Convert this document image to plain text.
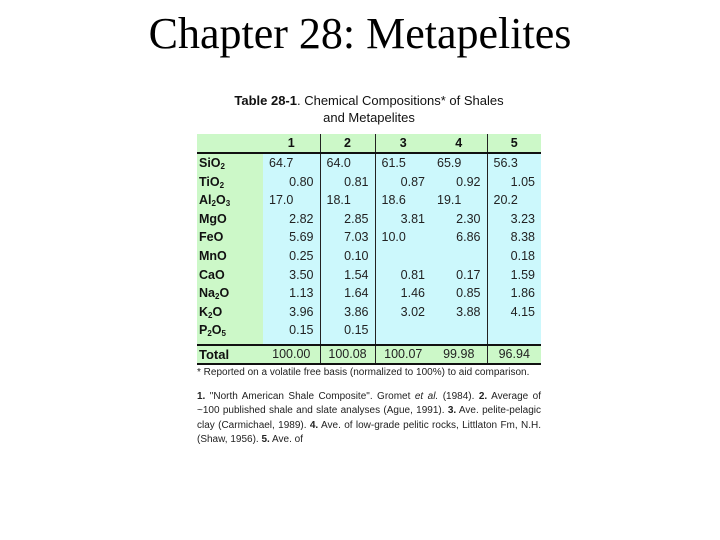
Chapter 28: Metapelites
Table 28-1. Chemical Compositions* of Shales
and Metapelites
	1	2	3	4	5
SiO$_2$	64.7	64.0	61.5	65.9	56.3
TiO$_2$	0.80	0.81	0.87	0.92	1.05
$Al_2O_3$	17.0	18.1	18.6	19.1	20.2
MgO	2.82	2.85	3.81	2.30	3.23
FeO	5.69	7.03	10.0	6.86	8.38
MnO	0.25	0.10			0.18
CaO	3.50	1.54	0.81	0.17	1.59
$Na_2O$	1.13	1.64	1.46	0.85	1.86
$K_2O$	3.96	3.86	3.02	3.88	4.15
$P_2O_5$	0.15	0.15			

Total	100.00	100.08	100.07	99.98	96.94
* Reported on a volatile free basis (normalized to 100%) to aid comparison.
1. "North American Shale Composite". Gromet et al. (1984). 2. Average of ~100 published shale and slate analyses (Ague, 1991). 3. Ave. pelite-pelagic clay (Carmichael, 1989). 4. Ave. of low-grade pelitic rocks, Littlaton Fm, N.H. (Shaw, 1956). 5. Ave. of
